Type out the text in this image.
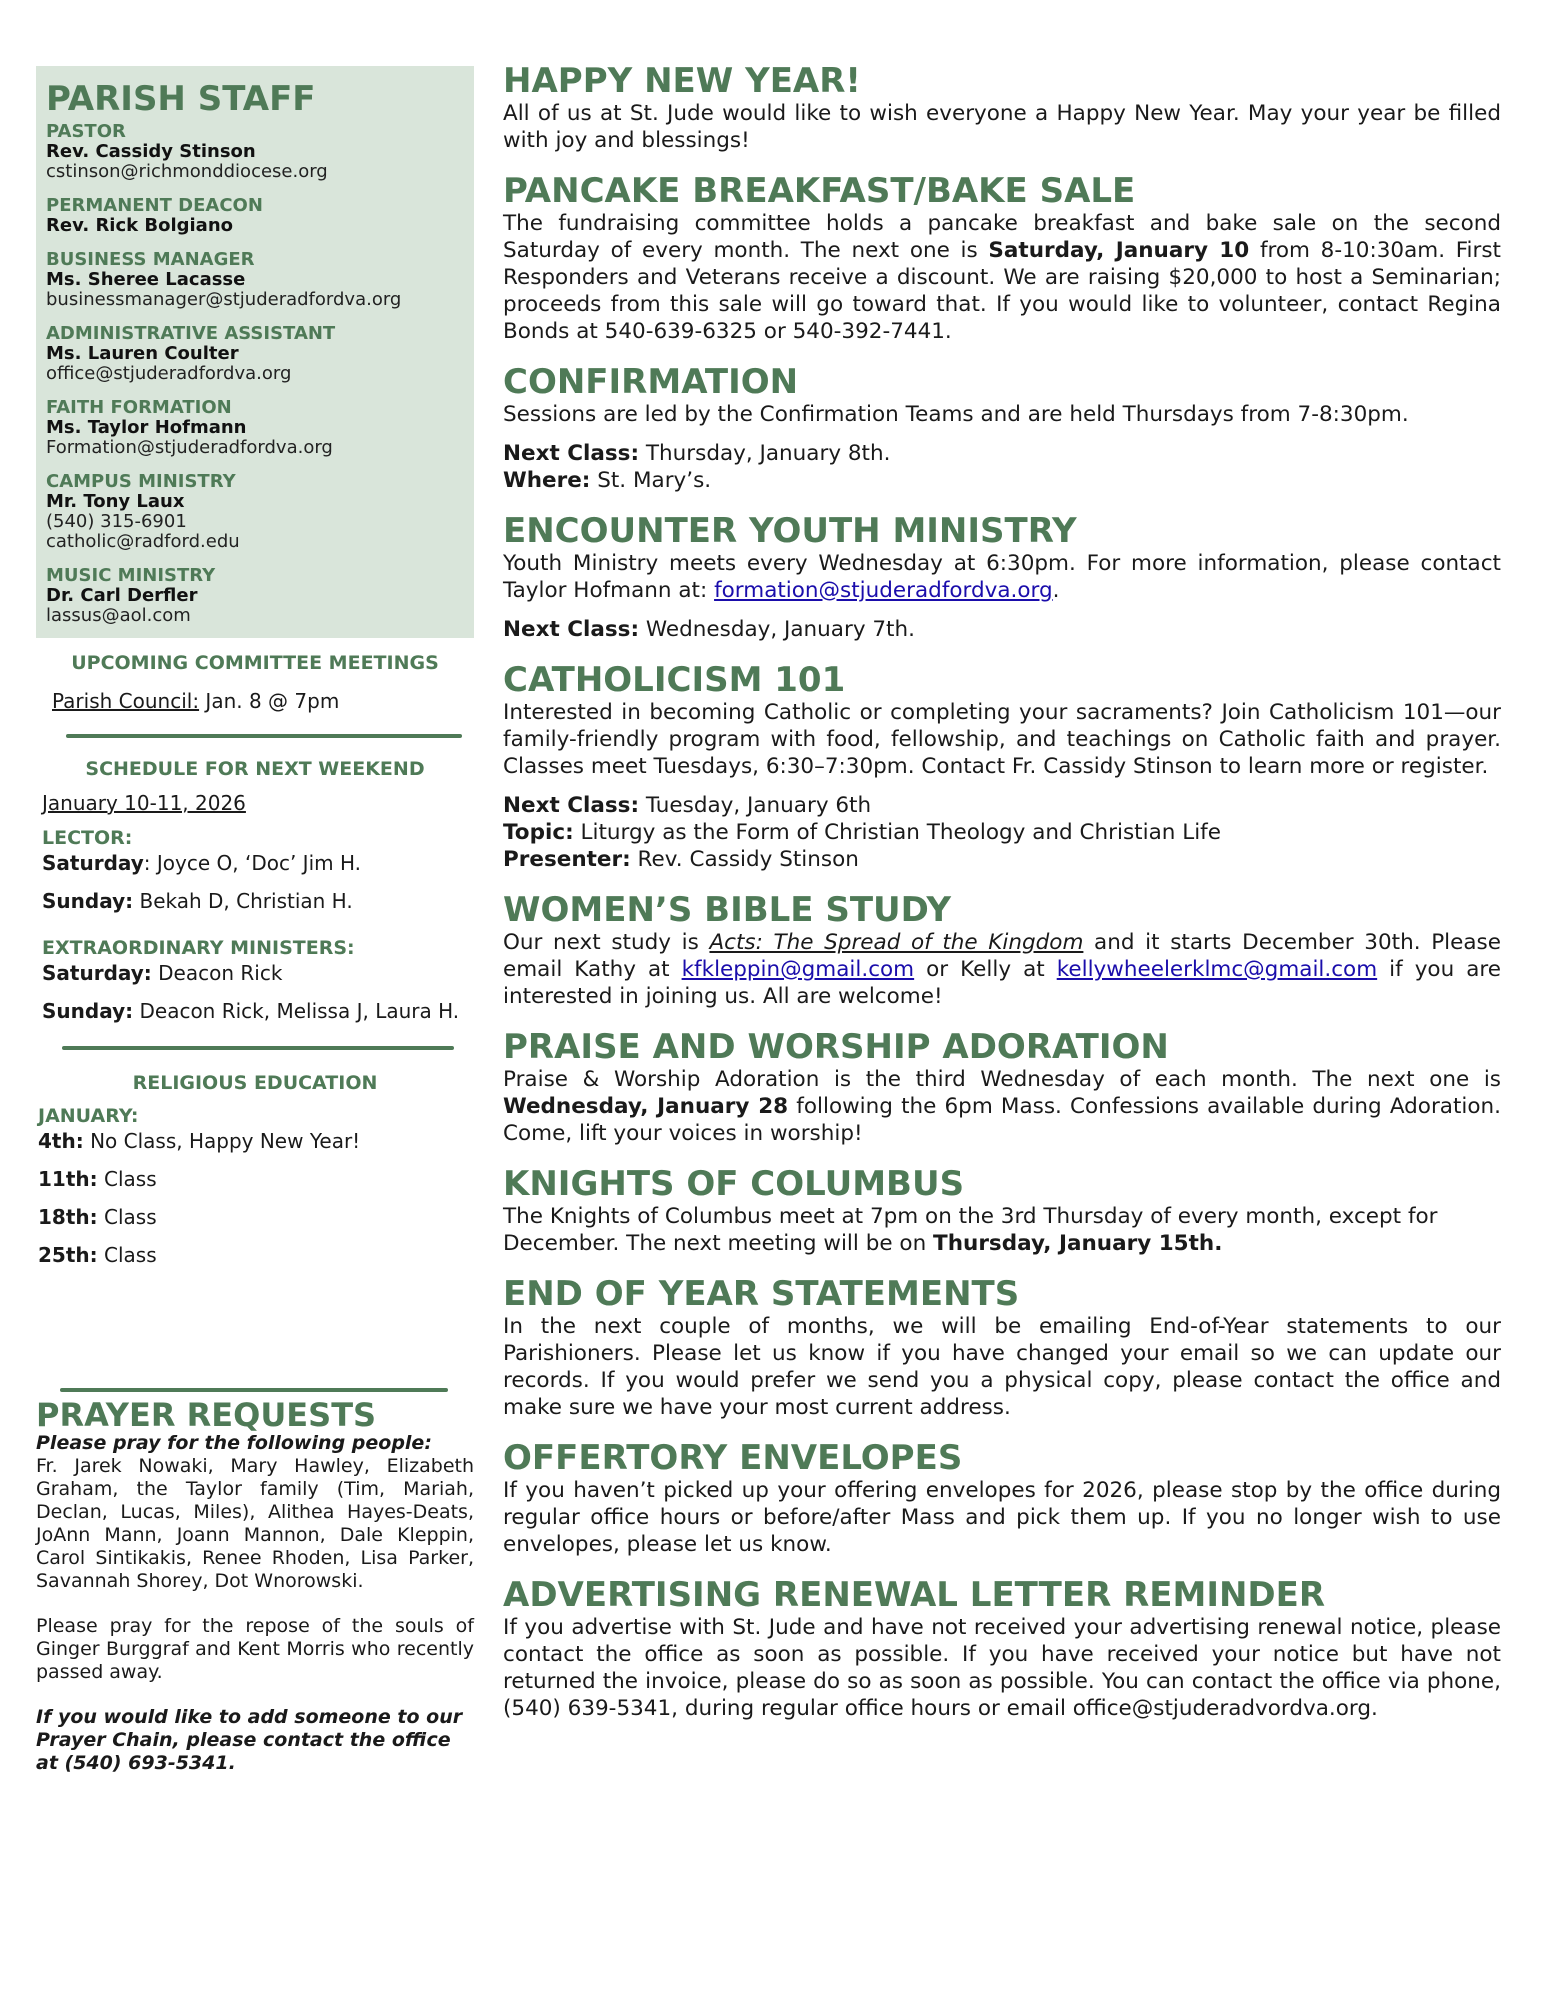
PARISH STAFF
PASTOR
Rev. Cassidy Stinson
cstinson@richmonddiocese.org
PERMANENT DEACON
Rev. Rick Bolgiano
BUSINESS MANAGER
Ms. Sheree Lacasse
businessmanager@stjuderadfordva.org
ADMINISTRATIVE ASSISTANT
Ms. Lauren Coulter
office@stjuderadfordva.org
FAITH FORMATION
Ms. Taylor Hofmann
Formation@stjuderadfordva.org
CAMPUS MINISTRY
Mr. Tony Laux
(540) 315-6901
catholic@radford.edu
MUSIC MINISTRY
Dr. Carl Derfler
lassus@aol.com
UPCOMING COMMITTEE MEETINGS
Parish Council: Jan. 8 @ 7pm
SCHEDULE FOR NEXT WEEKEND
January 10-11, 2026
LECTOR:
Saturday: Joyce O, ‘Doc’ Jim H.
Sunday: Bekah D, Christian H.
EXTRAORDINARY MINISTERS:
Saturday: Deacon Rick
Sunday: Deacon Rick, Melissa J, Laura H.
RELIGIOUS EDUCATION
JANUARY:
4th: No Class, Happy New Year!
11th: Class
18th: Class
25th: Class
PRAYER REQUESTS

Please pray for the following people:

Fr. Jarek Nowaki, Mary Hawley, Elizabeth Graham, the Taylor family (Tim, Mariah, Declan, Lucas, Miles), Alithea Hayes-Deats, JoAnn Mann, Joann Mannon, Dale Kleppin, Carol Sintikakis, Renee Rhoden, Lisa Parker, Savannah Shorey, Dot Wnorowski.

Please pray for the repose of the souls of Ginger Burggraf and Kent Morris who recently passed away.

If you would like to add someone to our Prayer Chain, please contact the office at (540) 693-5341.

HAPPY NEW YEAR!

All of us at St. Jude would like to wish everyone a Happy New Year. May your year be filled with joy and blessings!

PANCAKE BREAKFAST/BAKE SALE

The fundraising committee holds a pancake breakfast and bake sale on the second Saturday of every month. The next one is Saturday, January 10 from 8-10:30am. First Responders and Veterans receive a discount. We are raising $20,000 to host a Seminarian; proceeds from this sale will go toward that. If you would like to volunteer, contact Regina Bonds at 540-639-6325 or 540-392-7441.

CONFIRMATION

Sessions are led by the Confirmation Teams and are held Thursdays from 7-8:30pm.

Next Class: Thursday, January 8th.
Where: St. Mary’s.

ENCOUNTER YOUTH MINISTRY

Youth Ministry meets every Wednesday at 6:30pm. For more information, please contact Taylor Hofmann at: formation@stjuderadfordva.org.

Next Class: Wednesday, January 7th.

CATHOLICISM 101

Interested in becoming Catholic or completing your sacraments? Join Catholicism 101—our family-friendly program with food, fellowship, and teachings on Catholic faith and prayer. Classes meet Tuesdays, 6:30–7:30pm. Contact Fr. Cassidy Stinson to learn more or register.

Next Class: Tuesday, January 6th
Topic: Liturgy as the Form of Christian Theology and Christian Life
Presenter: Rev. Cassidy Stinson

WOMEN’S BIBLE STUDY

Our next study is Acts: The Spread of the Kingdom and it starts December 30th. Please email Kathy at kfkleppin@gmail.com or Kelly at kellywheelerklmc@gmail.com if you are interested in joining us. All are welcome!

PRAISE AND WORSHIP ADORATION

Praise & Worship Adoration is the third Wednesday of each month. The next one is Wednesday, January 28 following the 6pm Mass. Confessions available during Adoration. Come, lift your voices in worship!

KNIGHTS OF COLUMBUS

The Knights of Columbus meet at 7pm on the 3rd Thursday of every month, except for December. The next meeting will be on Thursday, January 15th.

END OF YEAR STATEMENTS

In the next couple of months, we will be emailing End-of-Year statements to our Parishioners. Please let us know if you have changed your email so we can update our records. If you would prefer we send you a physical copy, please contact the office and make sure we have your most current address.

OFFERTORY ENVELOPES

If you haven’t picked up your offering envelopes for 2026, please stop by the office during regular office hours or before/after Mass and pick them up. If you no longer wish to use envelopes, please let us know.

ADVERTISING RENEWAL LETTER REMINDER

If you advertise with St. Jude and have not received your advertising renewal notice, please contact the office as soon as possible. If you have received your notice but have not returned the invoice, please do so as soon as possible. You can contact the office via phone, (540) 639-5341, during regular office hours or email office@stjuderadvordva.org.
